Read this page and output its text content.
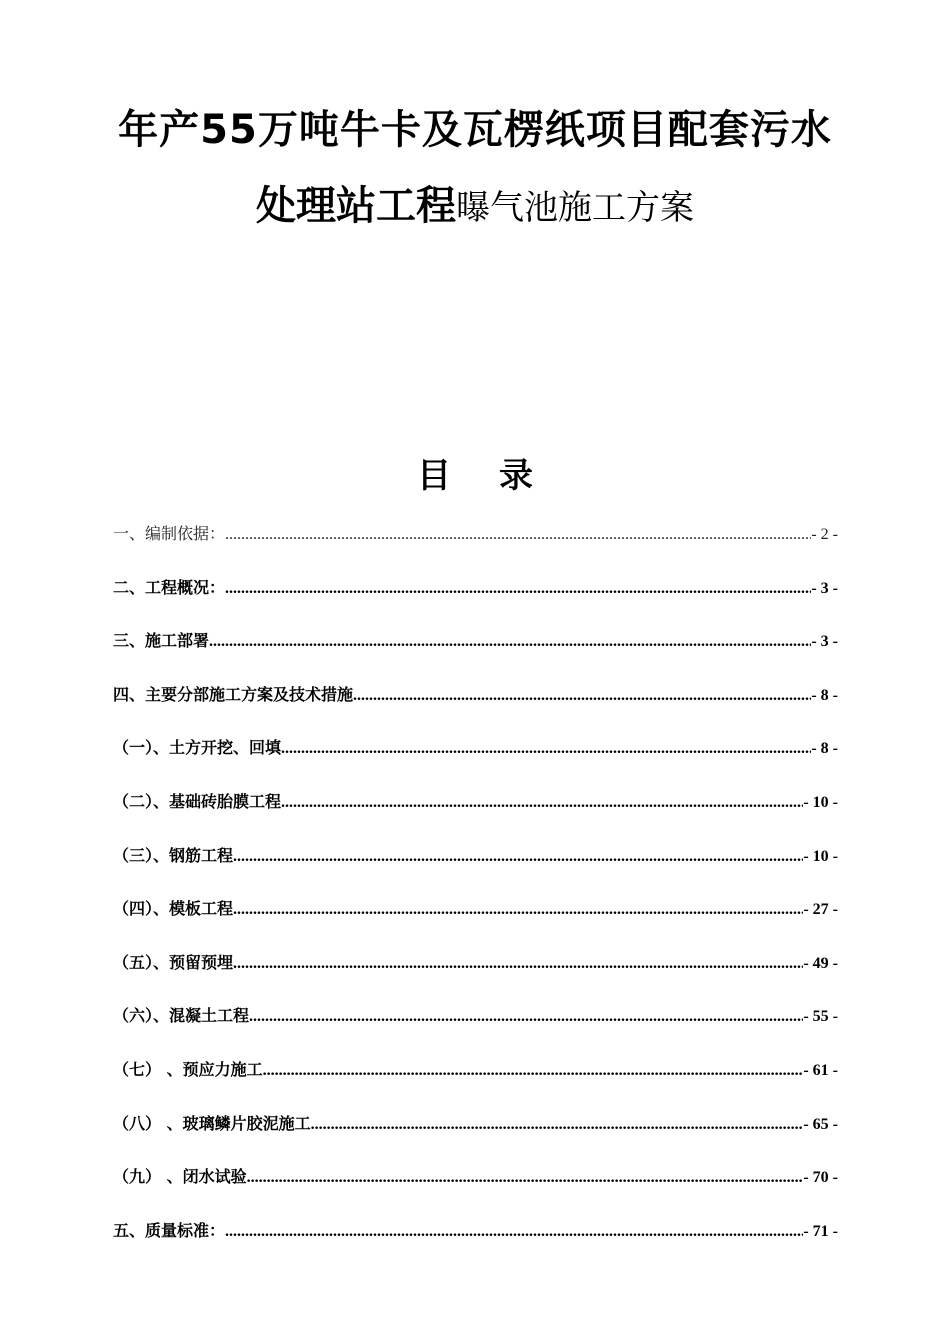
年产55万吨牛卡及瓦楞纸项目配套污水
处理站工程曝气池施工方案
目录
一、编制依据： .....	- 2 -
二、工程概况： .....	- 3 -
三、施工部署 .....	- 3 -
四、主要分部施工方案及技术措施 .....	- 8 -
（一）、土方开挖、回填 .....	- 8 -
（二）、基础砖胎膜工程 .....	- 10 -
（三）、钢筋工程 .....	- 10 -
（四）、模板工程 .....	- 27 -
（五）、预留预埋 .....	- 49 -
（六）、混凝土工程 .....	- 55 -
（七） 、预应力施工 .....	- 61 -
（八） 、玻璃鳞片胶泥施工 .....	- 65 -
（九） 、闭水试验 .....	- 70 -
五、质量标准： .....	- 71 -
